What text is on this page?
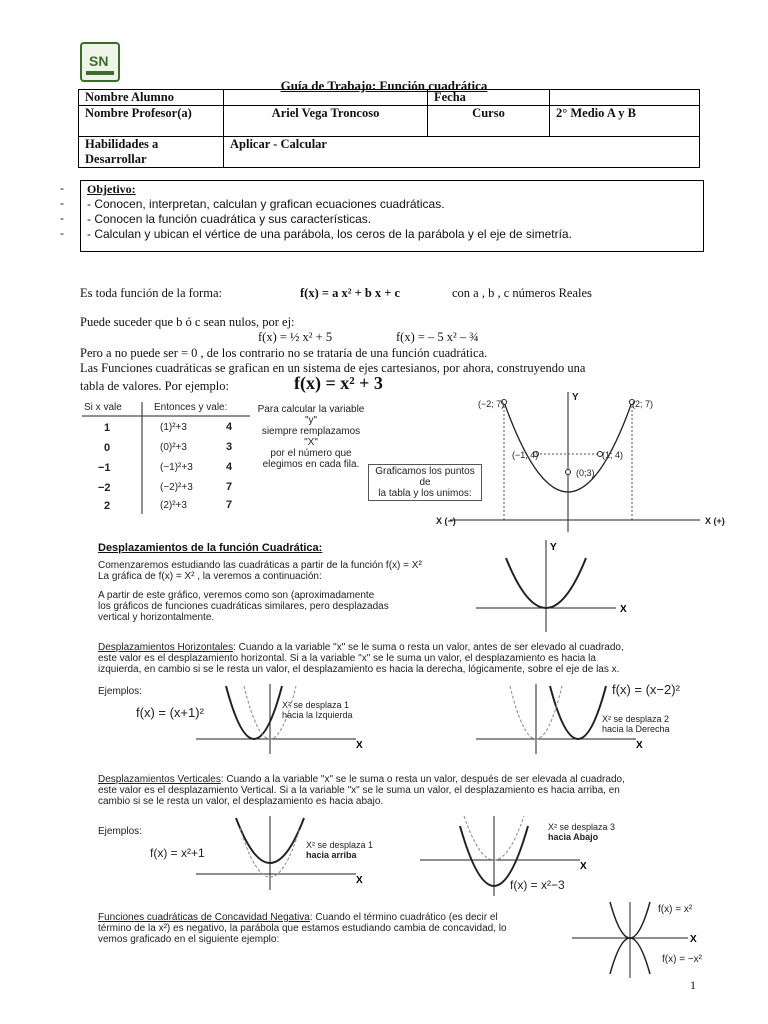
SN
Guía de Trabajo: Función cuadrática
Nombre Alumno		Fecha	
Nombre Profesor(a)	Ariel Vega Troncoso	Curso	2° Medio A y B
Habilidades a Desarrollar	Aplicar - Calcular		
-
-
-
-
Objetivo:
- Conocen, interpretan, calculan y grafican ecuaciones cuadráticas.
- Conocen la función cuadrática y sus características.
- Calculan y ubican el vértice de una parábola, los ceros de la parábola y el eje de simetría.
Es toda función de la forma:	f(x) = a x² + b x + c	con a , b , c números Reales
Puede suceder que b ó c sean nulos, por ej:
f(x) = ½ x² + 5	f(x) = – 5 x² – ¾
Pero a no puede ser = 0 , de los contrario no se trataría de una función cuadrática.
Las Funciones cuadráticas se grafican en un sistema de ejes cartesianos, por ahora, construyendo una
tabla de valores. Por ejemplo:	f(x) = x² + 3
Si x vale	Entonces y vale:
1	(1)²+3	4
0	(0)²+3	3
−1	(−1)²+3	4
−2	(−2)²+3	7
2	(2)²+3	7
Para calcular la variable "y"
siempre remplazamos "X"
por el número que
elegimos en cada fila.
Graficamos los puntos de
la tabla y los unimos:
(−2; 7)	(2; 7)
(−1; 4)	(1; 4)
(0;3)
Y
X (−)	X (+)
Desplazamientos de la función Cuadrática:
Comenzaremos estudiando las cuadráticas a partir de la función f(x) = X²
La gráfica de f(x) = X² , la veremos a continuación:
A partir de este gráfico, veremos como son (aproximadamente
los gráficos de funciones cuadráticas similares, pero desplazadas
vertical y horizontalmente.
X
Y
Desplazamientos Horizontales: Cuando a la variable "x" se le suma o resta un valor, antes de ser elevado al cuadrado,
este valor es el desplazamiento horizontal. Si a la variable "x" se le suma un valor, el desplazamiento es hacia la
izquierda, en cambio si se le resta un valor, el desplazamiento es hacia la derecha, lógicamente, sobre el eje de las x.
Ejemplos:
X
f(x) = (x+1)²	X² se desplaza 1
hacia la Izquierda
X
f(x) = (x−2)²
X² se desplaza 2
hacia la Derecha
Desplazamientos Verticales: Cuando a la variable "x" se le suma o resta un valor, después de ser elevada al cuadrado,
este valor es el desplazamiento Vertical. Si a la variable "x" se le suma un valor, el desplazamiento es hacia arriba, en
cambio si se le resta un valor, el desplazamiento es hacia abajo.
Ejemplos:
X
f(x) = x²+1
X² se desplaza 1
hacia arriba
X
f(x) = x²−3
X² se desplaza 3
hacia Abajo
Funciones cuadráticas de Concavidad Negativa: Cuando el término cuadrático (es decir el
término de la x²) es negativo, la parábola que estamos estudiando cambia de concavidad, lo
vemos graficado en el siguiente ejemplo:	X
f(x) = x²
f(x) = −x²
1
